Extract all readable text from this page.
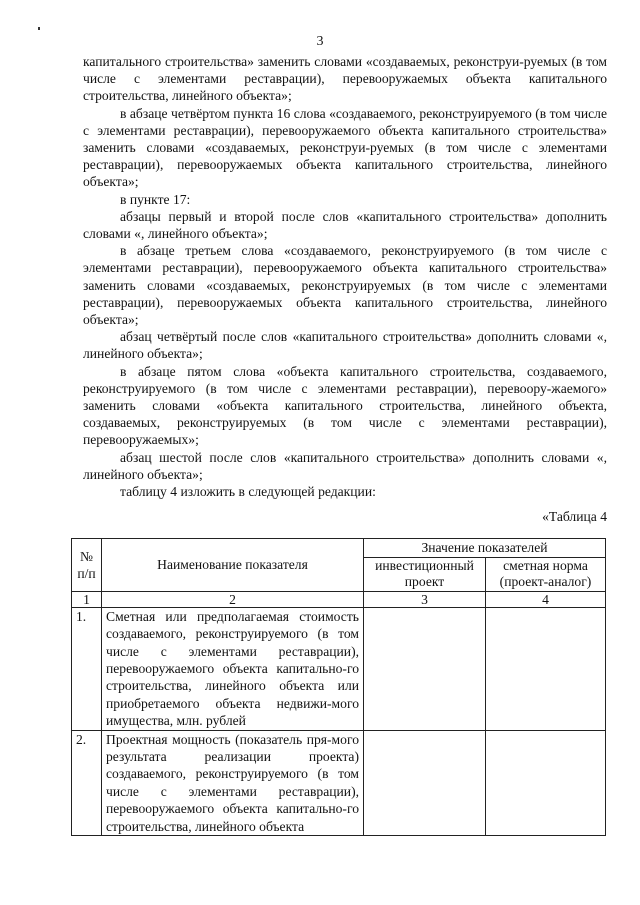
3

капитального строительства» заменить словами «создаваемых, реконструи-руемых (в том числе с элементами реставрации), перевооружаемых объекта капитального строительства, линейного объекта»;

в абзаце четвёртом пункта 16 слова «создаваемого, реконструируемого (в том числе с элементами реставрации), перевооружаемого объекта капитального строительства» заменить словами «создаваемых, реконструи-руемых (в том числе с элементами реставрации), перевооружаемых объекта капитального строительства, линейного объекта»;

в пункте 17:

абзацы первый и второй после слов «капитального строительства» дополнить словами «, линейного объекта»;

в абзаце третьем слова «создаваемого, реконструируемого (в том числе с элементами реставрации), перевооружаемого объекта капитального строительства» заменить словами «создаваемых, реконструируемых (в том числе с элементами реставрации), перевооружаемых объекта капитального строительства, линейного объекта»;

абзац четвёртый после слов «капитального строительства» дополнить словами «, линейного объекта»;

в абзаце пятом слова «объекта капитального строительства, создаваемого, реконструируемого (в том числе с элементами реставрации), перевоору-жаемого» заменить словами «объекта капитального строительства, линейного объекта, создаваемых, реконструируемых (в том числе с элементами реставрации), перевооружаемых»;

абзац шестой после слов «капитального строительства» дополнить словами «, линейного объекта»;

таблицу 4 изложить в следующей редакции:

«Таблица 4
№ п/п	Наименование показателя	Значение показателей	
		инвестиционный проект	сметная норма (проект-аналог)
1	2	3	4
1.	Сметная или предполагаемая стоимость создаваемого, реконструируемого (в том числе с элементами реставрации), перевооружаемого объекта капитально-го строительства, линейного объекта или приобретаемого объекта недвижи-мого имущества, млн. рублей		
2.	Проектная мощность (показатель пря-мого результата реализации проекта) создаваемого, реконструируемого (в том числе с элементами реставрации), перевооружаемого объекта капитально-го строительства, линейного объекта		
